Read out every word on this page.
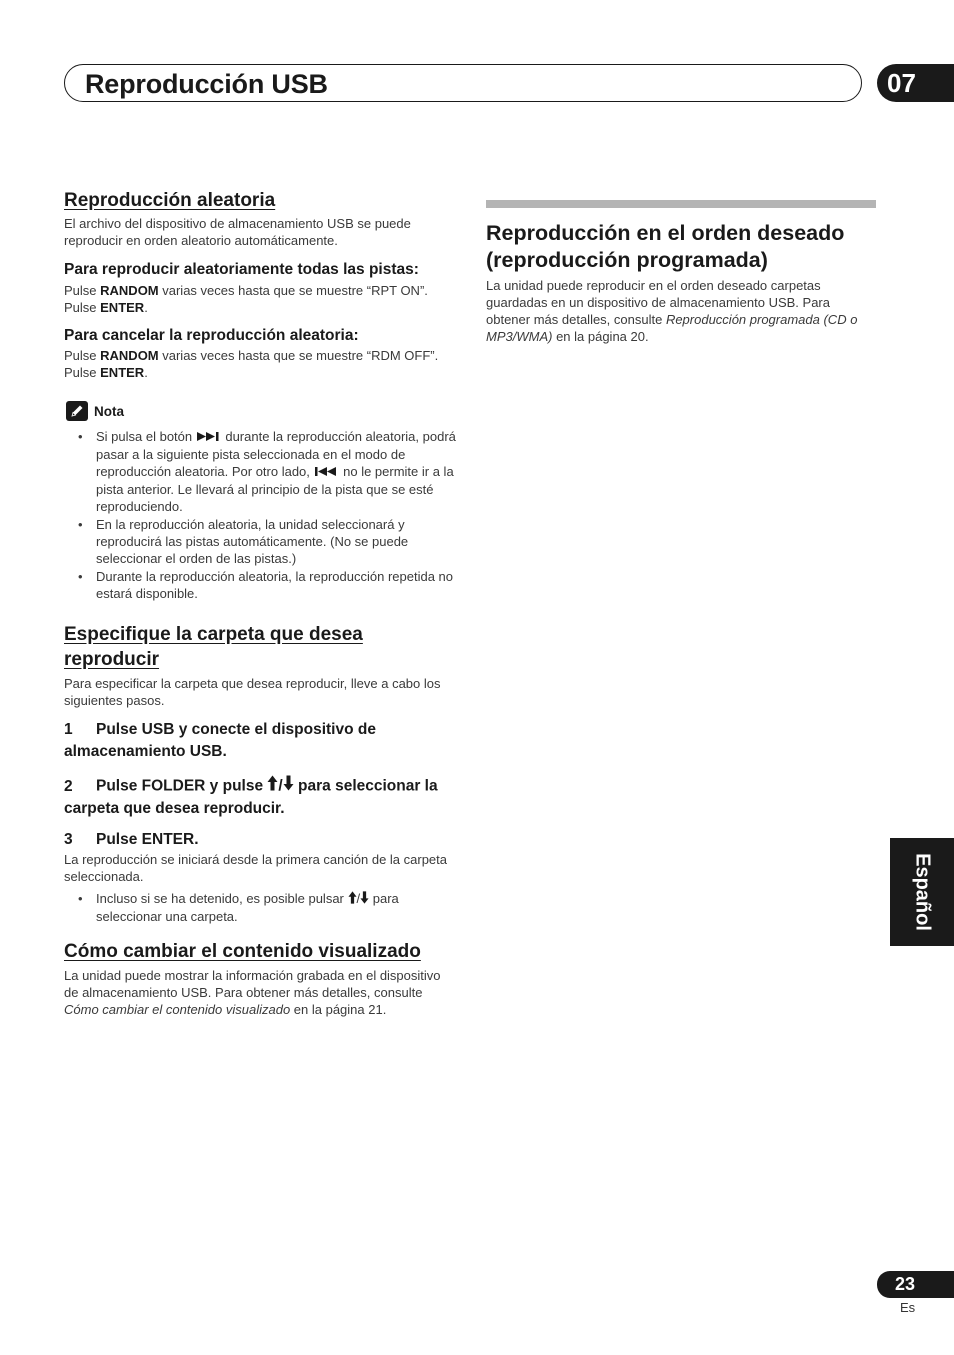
Reproducción USB	07
Reproducción aleatoria

El archivo del dispositivo de almacenamiento USB se puede reproducir en orden aleatorio automáticamente.

Para reproducir aleatoriamente todas las pistas:

Pulse RANDOM varias veces hasta que se muestre “RPT ON”. Pulse ENTER.

Para cancelar la reproducción aleatoria:

Pulse RANDOM varias veces hasta que se muestre “RDM OFF”. Pulse ENTER.

Nota
• Si pulsa el botón  durante la reproducción aleatoria, podrá pasar a la siguiente pista seleccionada en el modo de reproducción aleatoria. Por otro lado,  no le permite ir a la pista anterior. Le llevará al principio de la pista que se esté reproduciendo.
• En la reproducción aleatoria, la unidad seleccionará y reproducirá las pistas automáticamente. (No se puede seleccionar el orden de las pistas.)
• Durante la reproducción aleatoria, la reproducción repetida no estará disponible.
Especifique la carpeta que desea reproducir

Para especificar la carpeta que desea reproducir, lleve a cabo los siguientes pasos.

1 Pulse USB y conecte el dispositivo de almacenamiento USB.

2 Pulse FOLDER y pulse / para seleccionar la carpeta que desea reproducir.

3 Pulse ENTER.

La reproducción se iniciará desde la primera canción de la carpeta seleccionada.

• Incluso si se ha detenido, es posible pulsar / para seleccionar una carpeta.
Cómo cambiar el contenido visualizado

La unidad puede mostrar la información grabada en el dispositivo de almacenamiento USB. Para obtener más detalles, consulte Cómo cambiar el contenido visualizado en la página 21.

Reproducción en el orden deseado (reproducción programada)

La unidad puede reproducir en el orden deseado carpetas guardadas en un dispositivo de almacenamiento USB. Para obtener más detalles, consulte Reproducción programada (CD o MP3/WMA) en la página 20.

Español
23
Es
